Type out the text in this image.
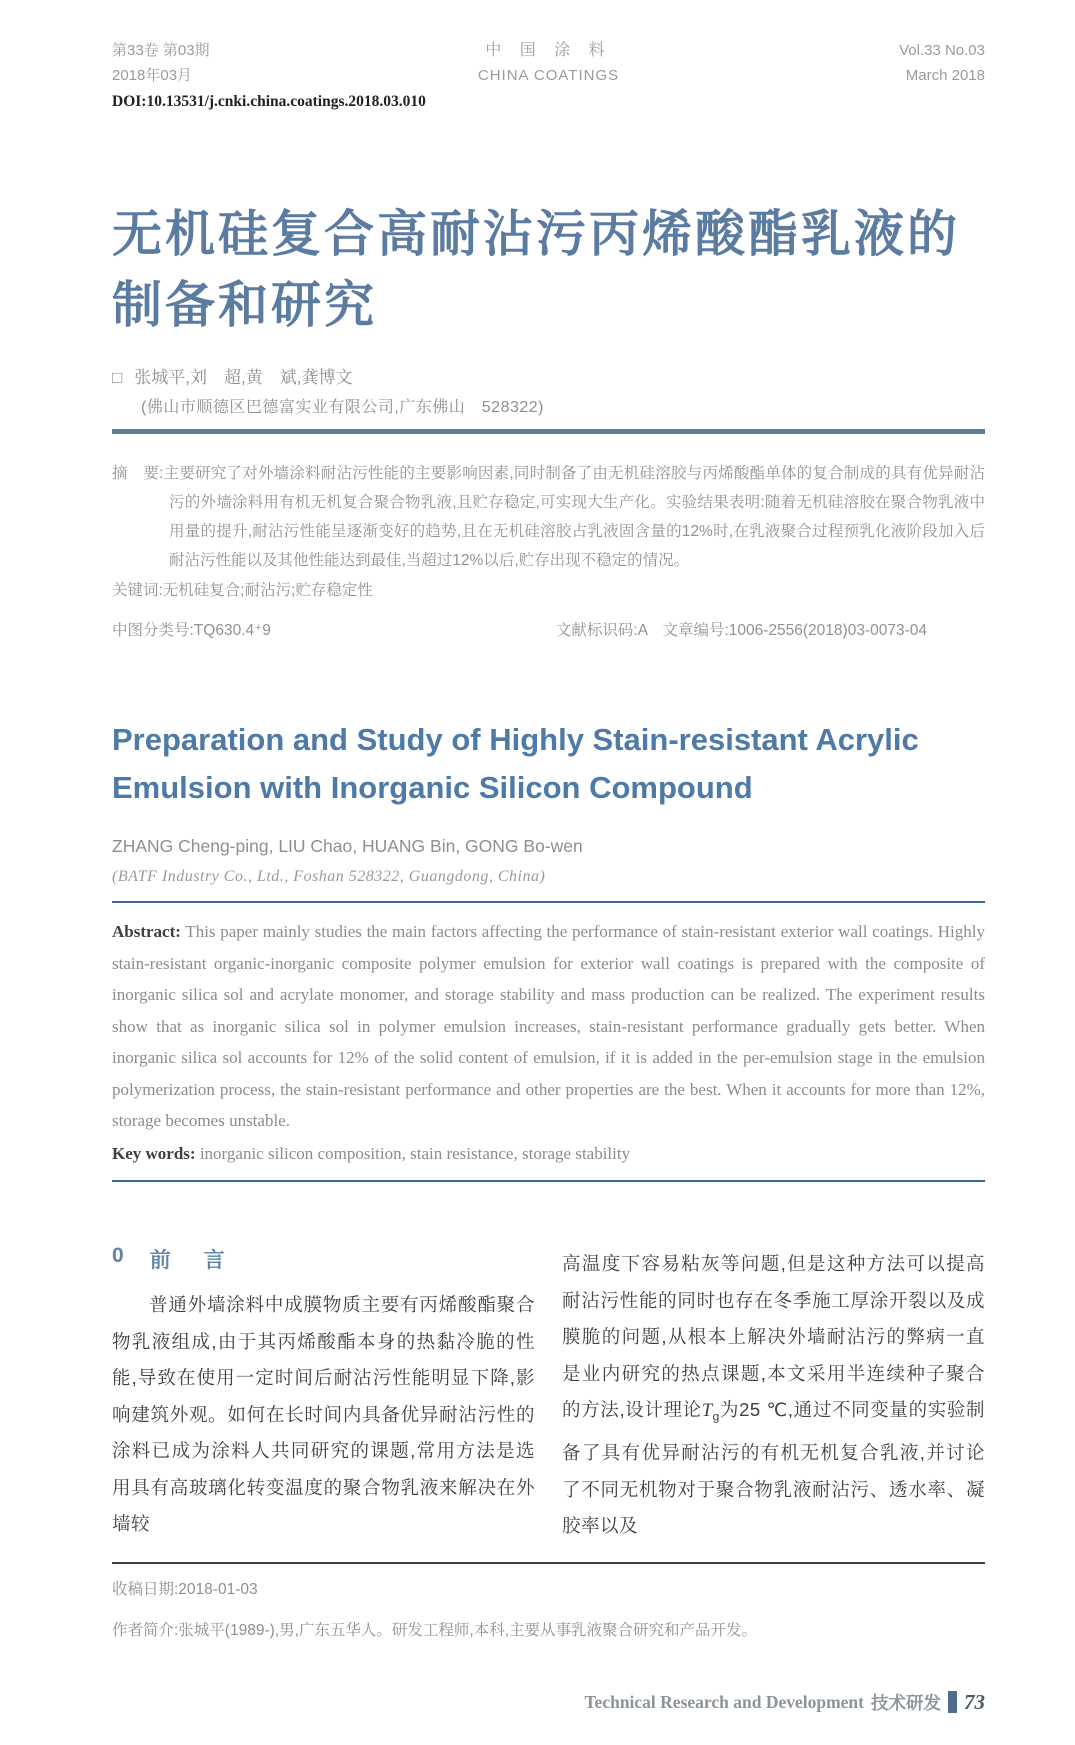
第33卷 第03期
2018年03月
中 国 涂 料
CHINA COATINGS
Vol.33 No.03
March 2018
DOI:10.13531/j.cnki.china.coatings.2018.03.010
无机硅复合高耐沾污丙烯酸酯乳液的
制备和研究
□ 张城平,刘　超,黄　斌,龚博文
(佛山市顺德区巴德富实业有限公司,广东佛山　528322)

摘　要:主要研究了对外墙涂料耐沾污性能的主要影响因素,同时制备了由无机硅溶胶与丙烯酸酯单体的复合制成的具有优异耐沾污的外墙涂料用有机无机复合聚合物乳液,且贮存稳定,可实现大生产化。实验结果表明:随着无机硅溶胶在聚合物乳液中用量的提升,耐沾污性能呈逐渐变好的趋势,且在无机硅溶胶占乳液固含量的12%时,在乳液聚合过程预乳化液阶段加入后耐沾污性能以及其他性能达到最佳,当超过12%以后,贮存出现不稳定的情况。

关键词:无机硅复合;耐沾污;贮存稳定性
中图分类号:TQ630.4⁺9	文献标识码:A 文章编号:1006-2556(2018)03-0073-04
Preparation and Study of Highly Stain-resistant Acrylic
Emulsion with Inorganic Silicon Compound
ZHANG Cheng-ping, LIU Chao, HUANG Bin, GONG Bo-wen
(BATF Industry Co., Ltd., Foshan 528322, Guangdong, China)

Abstract: This paper mainly studies the main factors affecting the performance of stain-resistant exterior wall coatings. Highly stain-resistant organic-inorganic composite polymer emulsion for exterior wall coatings is prepared with the composite of inorganic silica sol and acrylate monomer, and storage stability and mass production can be realized. The experiment results show that as inorganic silica sol in polymer emulsion increases, stain-resistant performance gradually gets better. When inorganic silica sol accounts for 12% of the solid content of emulsion, if it is added in the per-emulsion stage in the emulsion polymerization process, the stain-resistant performance and other properties are the best. When it accounts for more than 12%, storage becomes unstable.

Key words: inorganic silicon composition, stain resistance, storage stability

0 前　言

普通外墙涂料中成膜物质主要有丙烯酸酯聚合物乳液组成,由于其丙烯酸酯本身的热黏冷脆的性能,导致在使用一定时间后耐沾污性能明显下降,影响建筑外观。如何在长时间内具备优异耐沾污性的涂料已成为涂料人共同研究的课题,常用方法是选用具有高玻璃化转变温度的聚合物乳液来解决在外墙较

高温度下容易粘灰等问题,但是这种方法可以提高耐沾污性能的同时也存在冬季施工厚涂开裂以及成膜脆的问题,从根本上解决外墙耐沾污的弊病一直是业内研究的热点课题,本文采用半连续种子聚合的方法,设计理论$T_g$为25 ℃,通过不同变量的实验制备了具有优异耐沾污的有机无机复合乳液,并讨论了不同无机物对于聚合物乳液耐沾污、透水率、凝胶率以及

收稿日期:2018-01-03
作者简介:张城平(1989-),男,广东五华人。研发工程师,本科,主要从事乳液聚合研究和产品开发。
Technical Research and Development 技术研发 73
